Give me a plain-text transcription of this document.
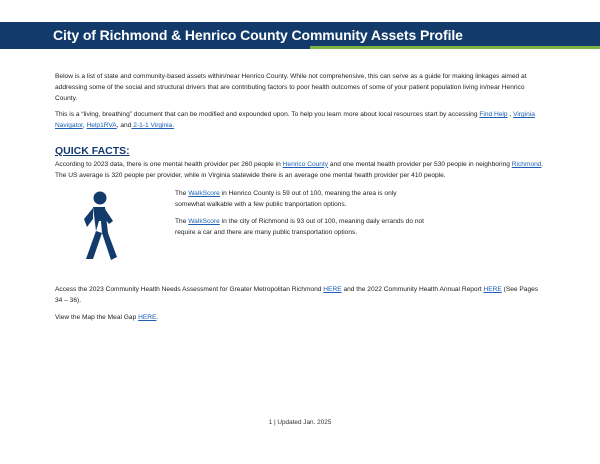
City of Richmond & Henrico County Community Assets Profile

Below is a list of state and community-based assets within/near Henrico County. While not comprehensive, this can serve as a guide for making linkages aimed at addressing some of the social and structural drivers that are contributing factors to poor health outcomes of some of your patient population living in/near Henrico County.

This is a “living, breathing” document that can be modified and expounded upon. To help you learn more about local resources start by accessing Find Help , Virginia Navigator, Help1RVA, and 2-1-1 Virginia.

QUICK FACTS:

According to 2023 data, there is one mental health provider per 260 people in Henrico County and one mental health provider per 530 people in neighboring Richmond. The US average is 320 people per provider, while in Virginia statewide there is an average one mental health provider per 410 people.

The WalkScore in Henrico County is 59 out of 100, meaning the area is only somewhat walkable with a few public tranportation options.

The WalkScore in the city of Richmond is 93 out of 100, meaning daily errands do not require a car and there are many public transportation options.

Access the 2023 Community Health Needs Assessment for Greater Metropolitan Richmond HERE and the 2022 Community Health Annual Report HERE (See Pages 34 – 36).

View the Map the Meal Gap HERE.

1 | Updated Jan. 2025
